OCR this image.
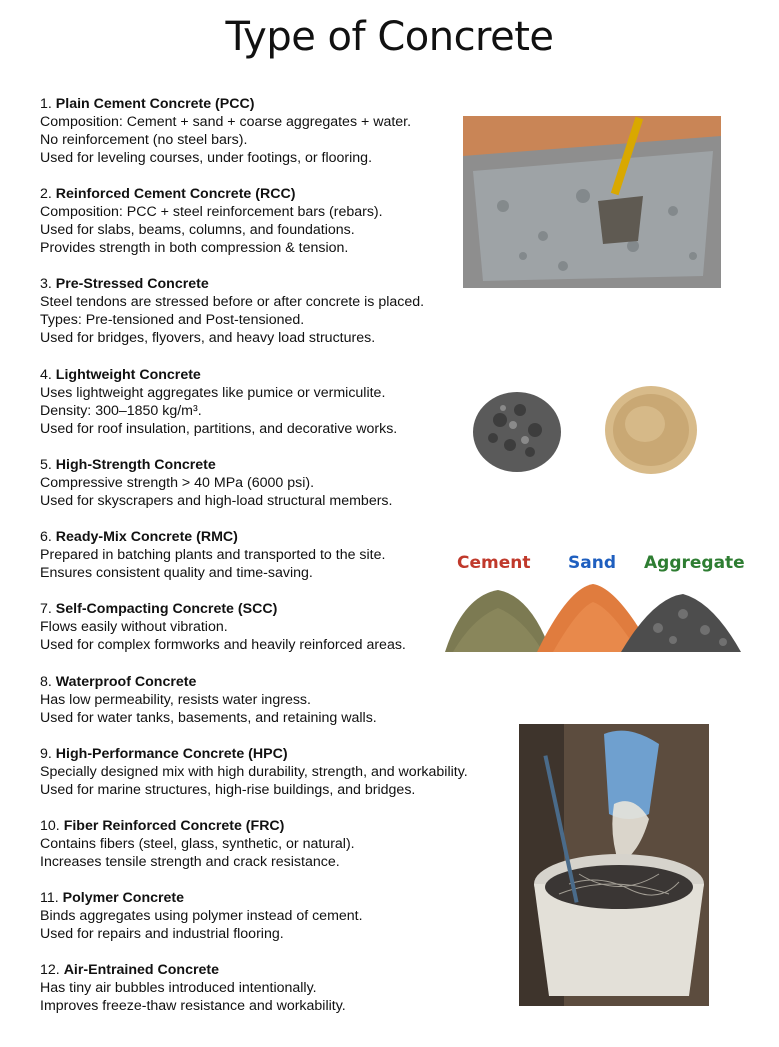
Type of Concrete
1. Plain Cement Concrete (PCC)
Composition: Cement + sand + coarse aggregates + water.
No reinforcement (no steel bars).
Used for leveling courses, under footings, or flooring.
2. Reinforced Cement Concrete (RCC)
Composition: PCC + steel reinforcement bars (rebars).
Used for slabs, beams, columns, and foundations.
Provides strength in both compression & tension.
3. Pre-Stressed Concrete
Steel tendons are stressed before or after concrete is placed.
Types: Pre-tensioned and Post-tensioned.
Used for bridges, flyovers, and heavy load structures.
4. Lightweight Concrete
Uses lightweight aggregates like pumice or vermiculite.
Density: 300–1850 kg/m³.
Used for roof insulation, partitions, and decorative works.
5. High-Strength Concrete
Compressive strength > 40 MPa (6000 psi).
Used for skyscrapers and high-load structural members.
6. Ready-Mix Concrete (RMC)
Prepared in batching plants and transported to the site.
Ensures consistent quality and time-saving.
7. Self-Compacting Concrete (SCC)
Flows easily without vibration.
Used for complex formworks and heavily reinforced areas.
8. Waterproof Concrete
Has low permeability, resists water ingress.
Used for water tanks, basements, and retaining walls.
9. High-Performance Concrete (HPC)
Specially designed mix with high durability, strength, and workability.
Used for marine structures, high-rise buildings, and bridges.
10. Fiber Reinforced Concrete (FRC)
Contains fibers (steel, glass, synthetic, or natural).
Increases tensile strength and crack resistance.
11. Polymer Concrete
Binds aggregates using polymer instead of cement.
Used for repairs and industrial flooring.
12. Air-Entrained Concrete
Has tiny air bubbles introduced intentionally.
Improves freeze-thaw resistance and workability.
Cement Sand Aggregate
